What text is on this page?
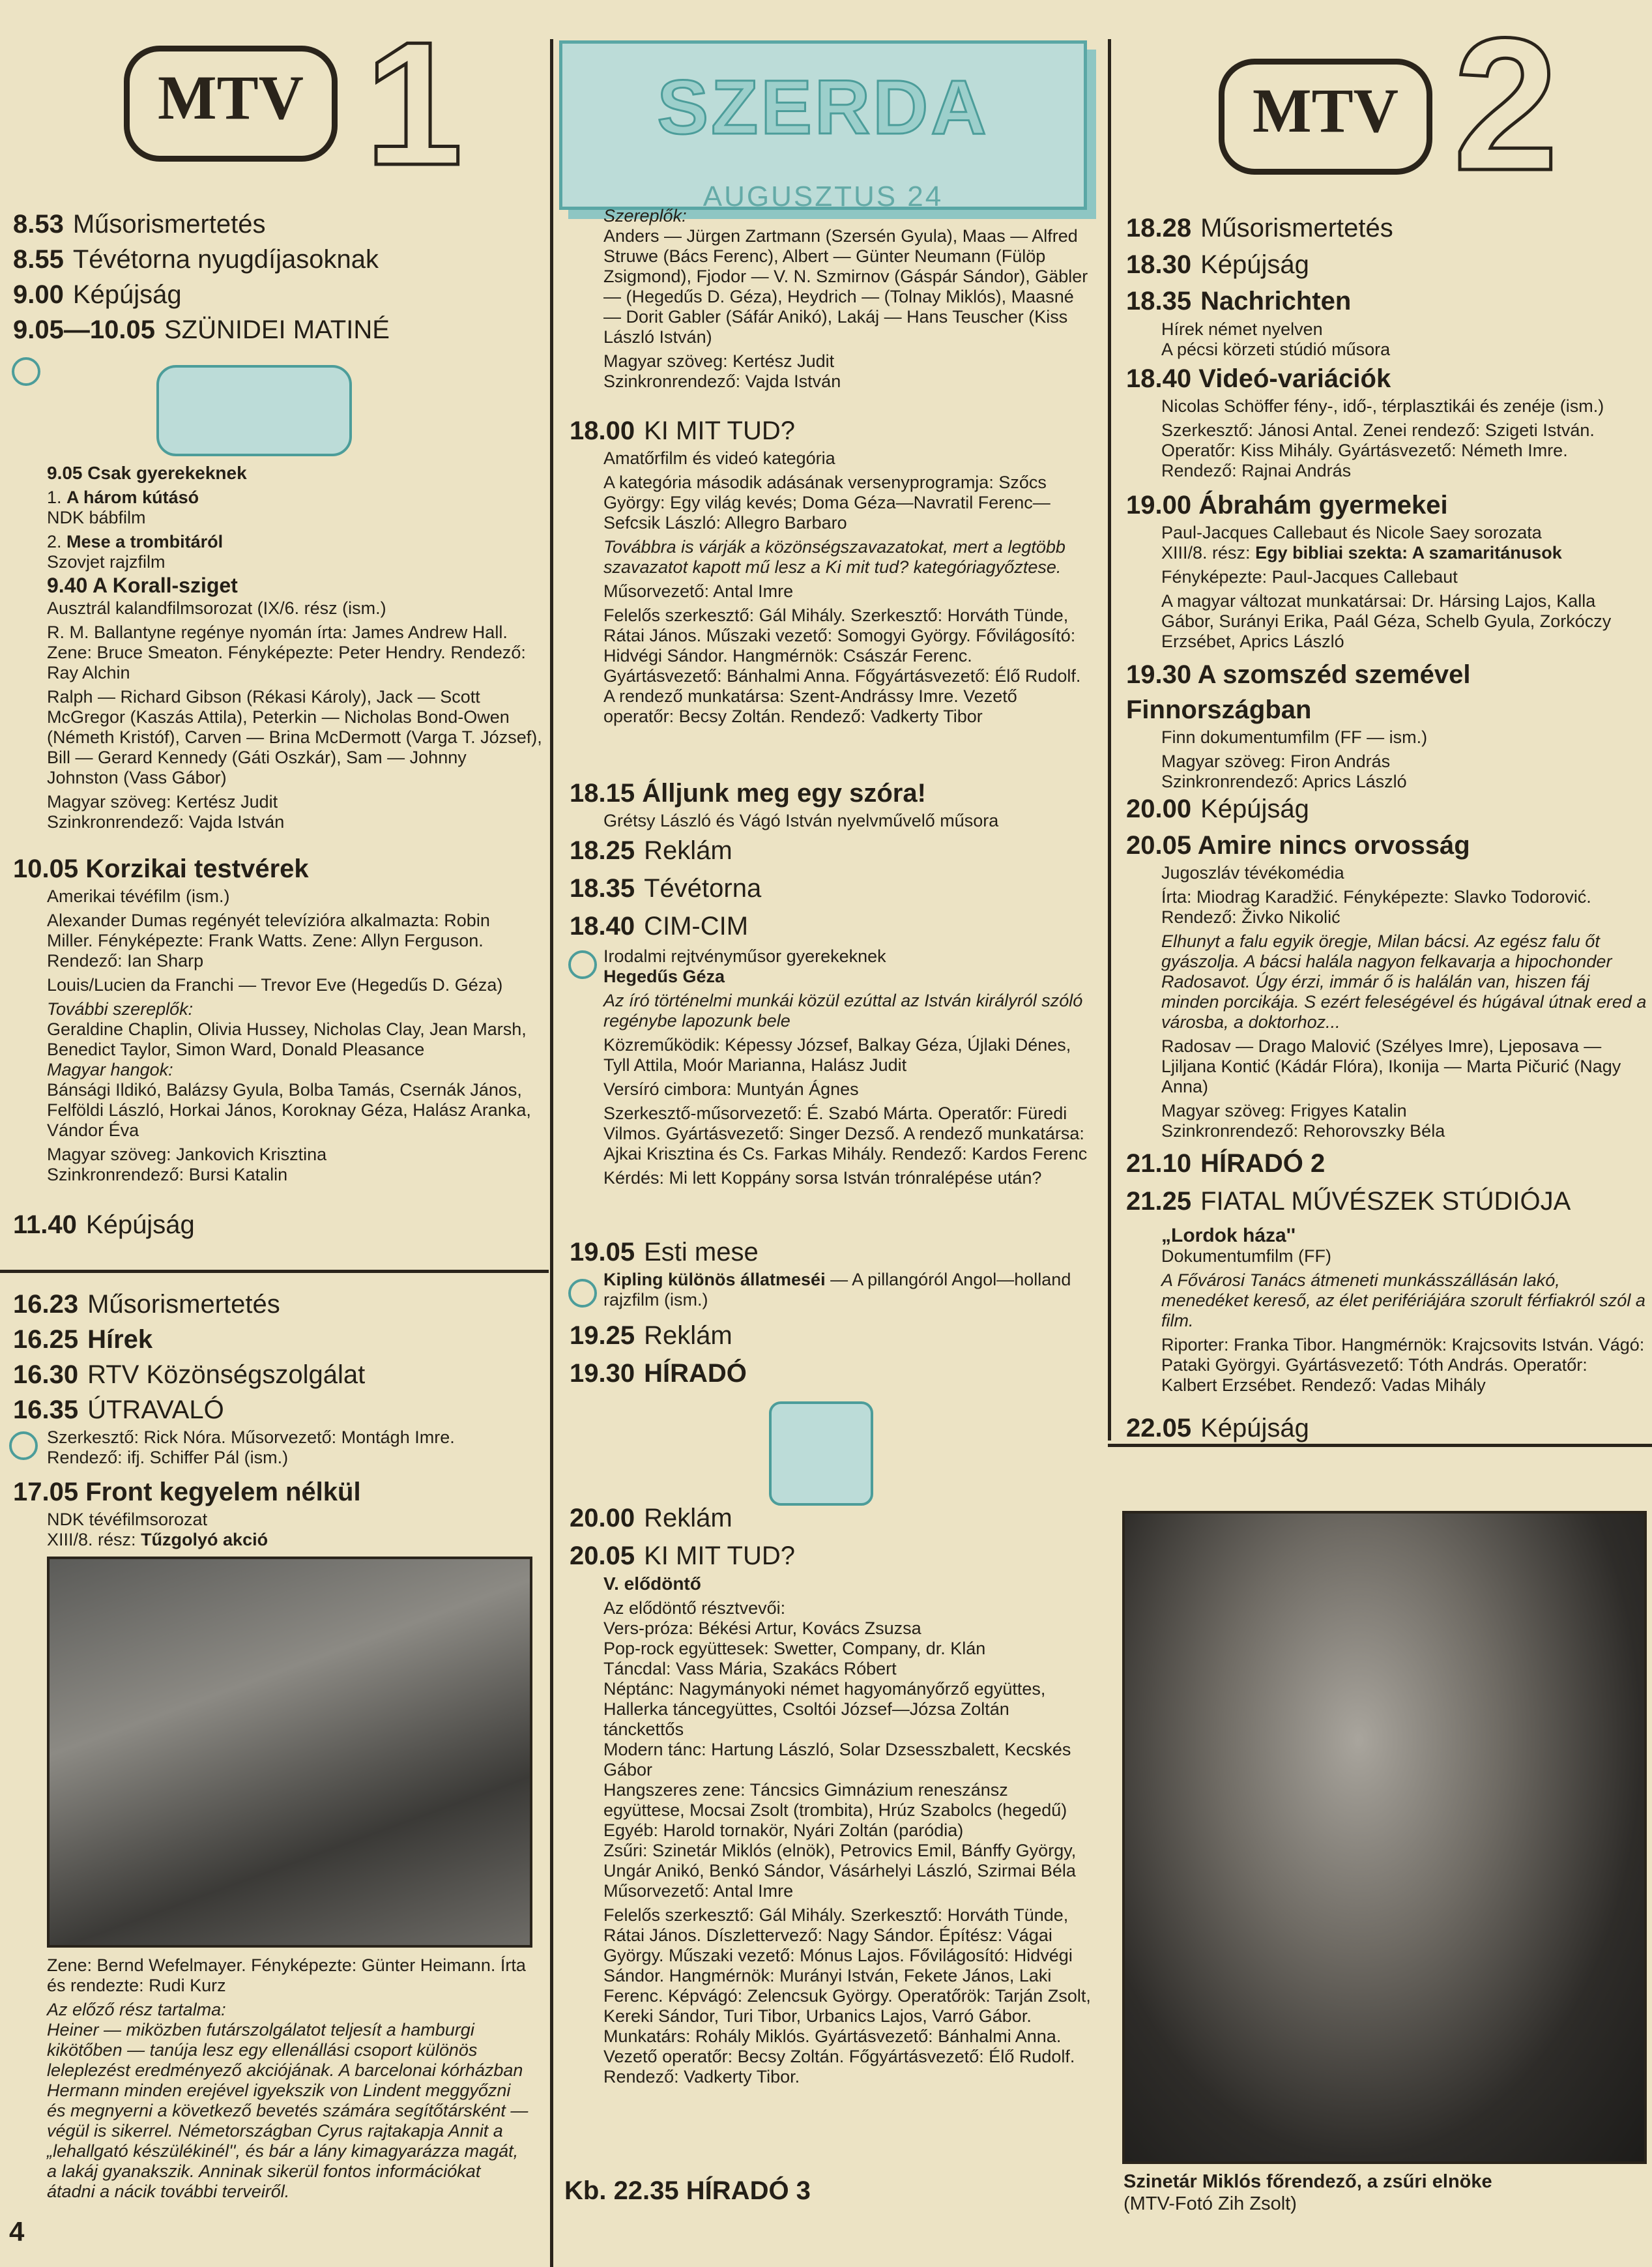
MTV 1	SZERDA
AUGUSZTUS 24
MTV 2
8.53 Műsorismertetés
8.55 Tévétorna nyugdíjasoknak
9.00 Képújság
9.05—10.05 SZÜNIDEI MATINÉ
9.05 Csak gyerekeknek
1. A három kútásó
NDK bábfilm
2. Mese a trombitáról
Szovjet rajzfilm
9.40 A Korall-sziget
Ausztrál kalandfilmsorozat (IX/6. rész (ism.)
R. M. Ballantyne regénye nyomán írta: James Andrew Hall. Zene: Bruce Smeaton. Fényképezte: Peter Hendry. Rendező: Ray Alchin
Ralph — Richard Gibson (Rékasi Károly), Jack — Scott McGregor (Kaszás Attila), Peterkin — Nicholas Bond-Owen (Németh Kristóf), Carven — Brina McDermott (Varga T. József), Bill — Gerard Kennedy (Gáti Oszkár), Sam — Johnny Johnston (Vass Gábor)
Magyar szöveg: Kertész Judit
Szinkronrendező: Vajda István
10.05 Korzikai testvérek
Amerikai tévéfilm (ism.)
Alexander Dumas regényét televízióra alkalmazta: Robin Miller. Fényképezte: Frank Watts. Zene: Allyn Ferguson. Rendező: Ian Sharp
Louis/Lucien da Franchi — Trevor Eve (Hegedűs D. Géza)
További szereplők:
Geraldine Chaplin, Olivia Hussey, Nicholas Clay, Jean Marsh, Benedict Taylor, Simon Ward, Donald Pleasance
Magyar hangok:
Bánsági Ildikó, Balázsy Gyula, Bolba Tamás, Csernák János, Felföldi László, Horkai János, Koroknay Géza, Halász Aranka, Vándor Éva
Magyar szöveg: Jankovich Krisztina
Szinkronrendező: Bursi Katalin
11.40 Képújság
16.23 Műsorismertetés
16.25 Hírek
16.30 RTV Közönségszolgálat
16.35 ÚTRAVALÓ
Szerkesztő: Rick Nóra. Műsorvezető: Montágh Imre. Rendező: ifj. Schiffer Pál (ism.)
17.05 Front kegyelem nélkül
NDK tévéfilmsorozat
XIII/8. rész: Tűzgolyó akció
Zene: Bernd Wefelmayer. Fényképezte: Günter Heimann. Írta és rendezte: Rudi Kurz
Az előző rész tartalma:
Heiner — miközben futárszolgálatot teljesít a hamburgi kikötőben — tanúja lesz egy ellenállási csoport különös leleplezést eredményező akciójának. A barcelonai kórházban Hermann minden erejével igyekszik von Lindent meggyőzni és megnyerni a következő bevetés számára segítőtársként — végül is sikerrel. Németországban Cyrus rajtakapja Annit a „lehallgató készülékinél'', és bár a lány kimagyarázza magát, a lakáj gyanakszik. Anninak sikerül fontos információkat átadni a nácik további terveiről.
4
Szereplők:
Anders — Jürgen Zartmann (Szersén Gyula), Maas — Alfred Struwe (Bács Ferenc), Albert — Günter Neumann (Fülöp Zsigmond), Fjodor — V. N. Szmirnov (Gáspár Sándor), Gäbler — (Hegedűs D. Géza), Heydrich — (Tolnay Miklós), Maasné — Dorit Gabler (Sáfár Anikó), Lakáj — Hans Teuscher (Kiss László István)
Magyar szöveg: Kertész Judit
Szinkronrendező: Vajda István
18.00 KI MIT TUD?
Amatőrfilm és videó kategória
A kategória második adásának versenyprogramja: Szőcs György: Egy világ kevés; Doma Géza—Navratil Ferenc—Sefcsik László: Allegro Barbaro
Továbbra is várják a közönségszavazatokat, mert a legtöbb szavazatot kapott mű lesz a Ki mit tud? kategóriagyőztese.
Műsorvezető: Antal Imre
Felelős szerkesztő: Gál Mihály. Szerkesztő: Horváth Tünde, Rátai János. Műszaki vezető: Somogyi György. Fővilágosító: Hidvégi Sándor. Hangmérnök: Császár Ferenc. Gyártásvezető: Bánhalmi Anna. Főgyártásvezető: Élő Rudolf. A rendező munkatársa: Szent-Andrássy Imre. Vezető operatőr: Becsy Zoltán. Rendező: Vadkerty Tibor
18.15 Álljunk meg egy szóra!
Grétsy László és Vágó István nyelvművelő műsora
18.25 Reklám
18.35 Tévétorna
18.40 CIM-CIM
Irodalmi rejtvényműsor gyerekeknek
Hegedűs Géza
Az író történelmi munkái közül ezúttal az István királyról szóló regénybe lapozunk bele
Közreműködik: Képessy József, Balkay Géza, Újlaki Dénes, Tyll Attila, Moór Marianna, Halász Judit
Versíró cimbora: Muntyán Ágnes
Szerkesztő-műsorvezető: É. Szabó Márta. Operatőr: Füredi Vilmos. Gyártásvezető: Singer Dezső. A rendező munkatársa: Ajkai Krisztina és Cs. Farkas Mihály. Rendező: Kardos Ferenc
Kérdés: Mi lett Koppány sorsa István trónralépése után?
19.05 Esti mese
Kipling különös állatmeséi — A pillangóról Angol—holland rajzfilm (ism.)
19.25 Reklám
19.30 HÍRADÓ
20.00 Reklám
20.05 KI MIT TUD?
V. elődöntő
Az elődöntő résztvevői:
Vers-próza: Békési Artur, Kovács Zsuzsa
Pop-rock együttesek: Swetter, Company, dr. Klán
Táncdal: Vass Mária, Szakács Róbert
Néptánc: Nagymányoki német hagyományőrző együttes, Hallerka táncegyüttes, Csoltói József—Józsa Zoltán tánckettős
Modern tánc: Hartung László, Solar Dzsesszbalett, Kecskés Gábor
Hangszeres zene: Táncsics Gimnázium reneszánsz együttese, Mocsai Zsolt (trombita), Hrúz Szabolcs (hegedű)
Egyéb: Harold tornakör, Nyári Zoltán (paródia)
Zsűri: Szinetár Miklós (elnök), Petrovics Emil, Bánffy György, Ungár Anikó, Benkó Sándor, Vásárhelyi László, Szirmai Béla
Műsorvezető: Antal Imre
Felelős szerkesztő: Gál Mihály. Szerkesztő: Horváth Tünde, Rátai János. Díszlettervező: Nagy Sándor. Építész: Vágai György. Műszaki vezető: Mónus Lajos. Fővilágosító: Hidvégi Sándor. Hangmérnök: Murányi István, Fekete János, Laki Ferenc. Képvágó: Zelencsuk György. Operatőrök: Tarján Zsolt, Kereki Sándor, Turi Tibor, Urbanics Lajos, Varró Gábor. Munkatárs: Rohály Miklós. Gyártásvezető: Bánhalmi Anna. Vezető operatőr: Becsy Zoltán. Főgyártásvezető: Élő Rudolf. Rendező: Vadkerty Tibor.
Kb. 22.35 HÍRADÓ 3
18.28 Műsorismertetés
18.30 Képújság
18.35 Nachrichten
Hírek német nyelven
A pécsi körzeti stúdió műsora
18.40 Videó-variációk
Nicolas Schöffer fény-, idő-, térplasztikái és zenéje (ism.)
Szerkesztő: Jánosi Antal. Zenei rendező: Szigeti István. Operatőr: Kiss Mihály. Gyártásvezető: Németh Imre. Rendező: Rajnai András
19.00 Ábrahám gyermekei
Paul-Jacques Callebaut és Nicole Saey sorozata
XIII/8. rész: Egy bibliai szekta: A szamaritánusok
Fényképezte: Paul-Jacques Callebaut
A magyar változat munkatársai: Dr. Hársing Lajos, Kalla Gábor, Surányi Erika, Paál Géza, Schelb Gyula, Zorkóczy Erzsébet, Aprics László
19.30 A szomszéd szemével Finnországban
Finn dokumentumfilm (FF — ism.)
Magyar szöveg: Firon András
Szinkronrendező: Aprics László
20.00 Képújság
20.05 Amire nincs orvosság
Jugoszláv tévékomédia
Írta: Miodrag Karadžić. Fényképezte: Slavko Todorović. Rendező: Živko Nikolić
Elhunyt a falu egyik öregje, Milan bácsi. Az egész falu őt gyászolja. A bácsi halála nagyon felkavarja a hipochonder Radosavot. Úgy érzi, immár ő is halálán van, hiszen fáj minden porcikája. S ezért feleségével és húgával útnak ered a városba, a doktorhoz...
Radosav — Drago Malović (Szélyes Imre), Ljeposava — Ljiljana Kontić (Kádár Flóra), Ikonija — Marta Pičurić (Nagy Anna)
Magyar szöveg: Frigyes Katalin
Szinkronrendező: Rehorovszky Béla
21.10 HÍRADÓ 2
21.25 FIATAL MŰVÉSZEK STÚDIÓJA
„Lordok háza''
Dokumentumfilm (FF)
A Fővárosi Tanács átmeneti munkásszállásán lakó, menedéket kereső, az élet perifériájára szorult férfiakról szól a film.
Riporter: Franka Tibor. Hangmérnök: Krajcsovits István. Vágó: Pataki Györgyi. Gyártásvezető: Tóth András. Operatőr: Kalbert Erzsébet. Rendező: Vadas Mihály
22.05 Képújság
Szinetár Miklós főrendező, a zsűri elnöke
(MTV-Fotó Zih Zsolt)
